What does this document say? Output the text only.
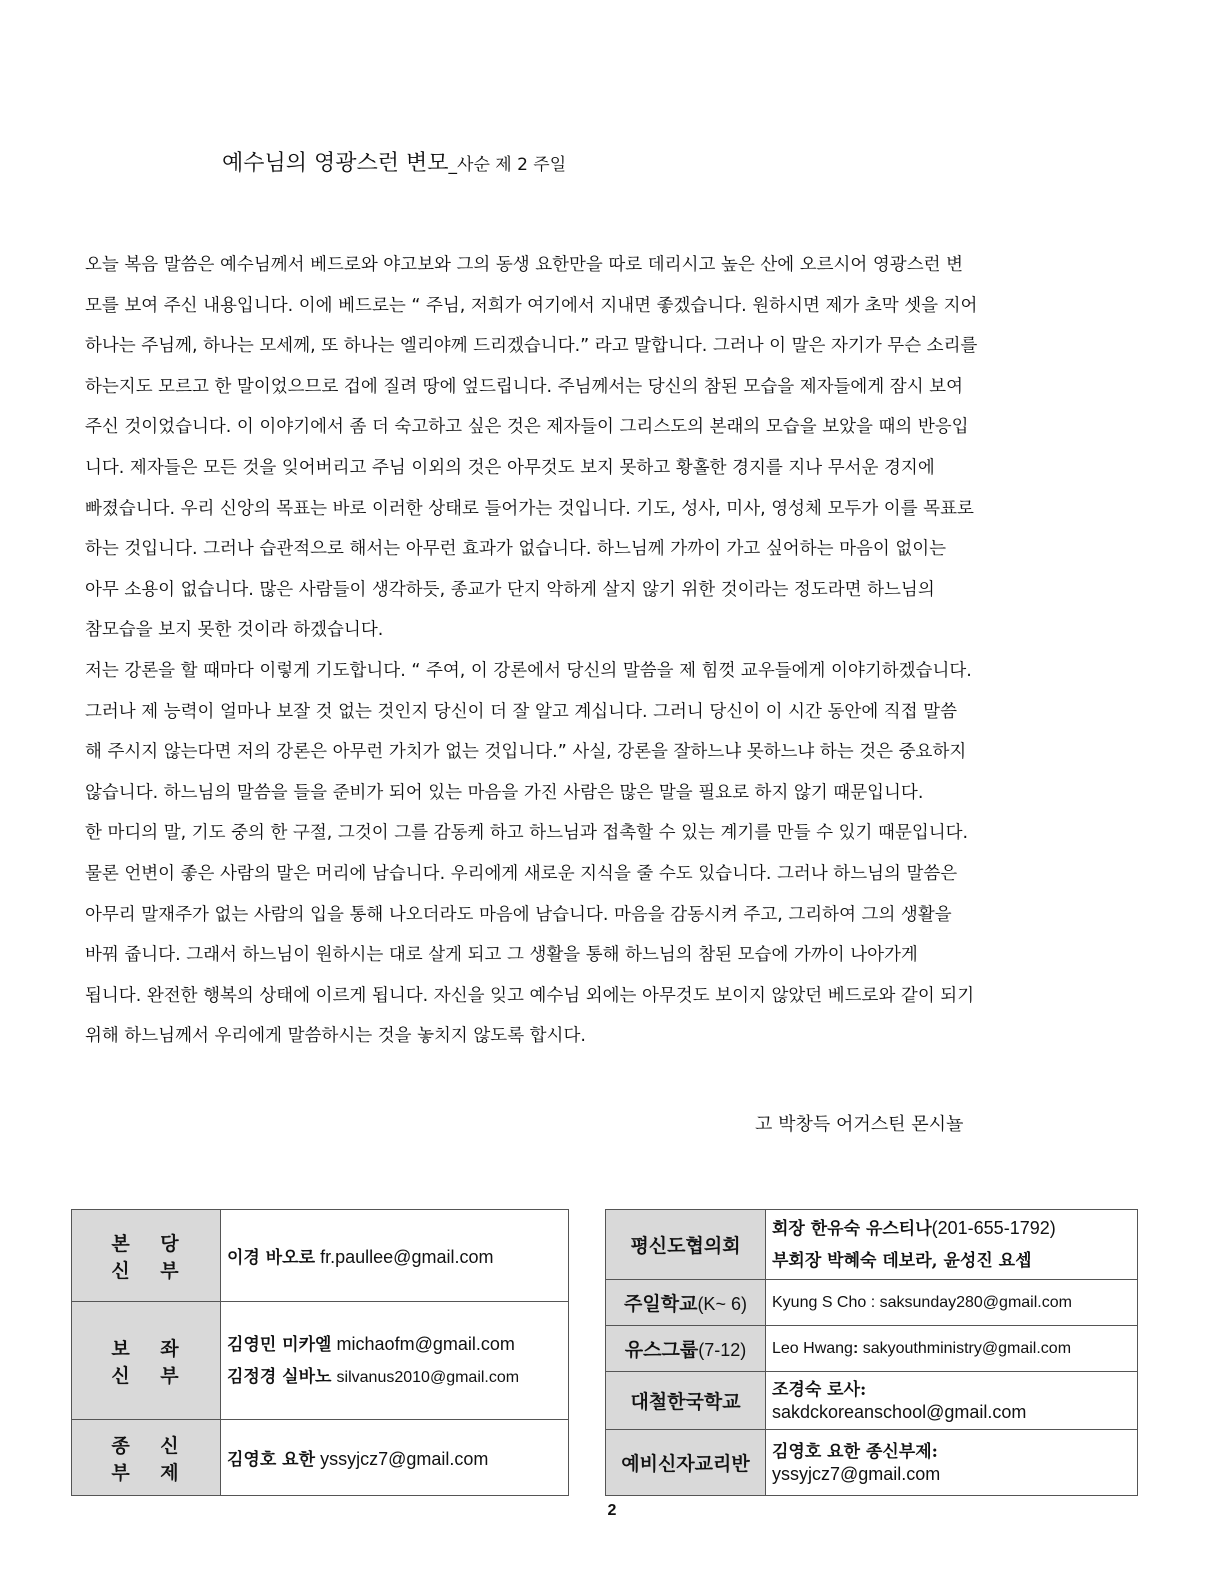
예수님의 영광스런 변모_사순 제 2 주일
오늘 복음 말씀은 예수님께서 베드로와 야고보와 그의 동생 요한만을 따로 데리시고 높은 산에 오르시어 영광스런 변
모를 보여 주신 내용입니다. 이에 베드로는 “ 주님, 저희가 여기에서 지내면 좋겠습니다. 원하시면 제가 초막 셋을 지어
하나는 주님께, 하나는 모세께, 또 하나는 엘리야께 드리겠습니다.” 라고 말합니다. 그러나 이 말은 자기가 무슨 소리를
하는지도 모르고 한 말이었으므로 겁에 질려 땅에 엎드립니다. 주님께서는 당신의 참된 모습을 제자들에게 잠시 보여
주신 것이었습니다. 이 이야기에서 좀 더 숙고하고 싶은 것은 제자들이 그리스도의 본래의 모습을 보았을 때의 반응입
니다. 제자들은 모든 것을 잊어버리고 주님 이외의 것은 아무것도 보지 못하고 황홀한 경지를 지나 무서운 경지에
빠졌습니다. 우리 신앙의 목표는 바로 이러한 상태로 들어가는 것입니다. 기도, 성사, 미사, 영성체 모두가 이를 목표로
하는 것입니다. 그러나 습관적으로 해서는 아무런 효과가 없습니다. 하느님께 가까이 가고 싶어하는 마음이 없이는
아무 소용이 없습니다. 많은 사람들이 생각하듯, 종교가 단지 악하게 살지 않기 위한 것이라는 정도라면 하느님의
참모습을 보지 못한 것이라 하겠습니다.
저는 강론을 할 때마다 이렇게 기도합니다. “ 주여, 이 강론에서 당신의 말씀을 제 힘껏 교우들에게 이야기하겠습니다.
그러나 제 능력이 얼마나 보잘 것 없는 것인지 당신이 더 잘 알고 계십니다. 그러니 당신이 이 시간 동안에 직접 말씀
해 주시지 않는다면 저의 강론은 아무런 가치가 없는 것입니다.” 사실, 강론을 잘하느냐 못하느냐 하는 것은 중요하지
않습니다. 하느님의 말씀을 들을 준비가 되어 있는 마음을 가진 사람은 많은 말을 필요로 하지 않기 때문입니다.
한 마디의 말, 기도 중의 한 구절, 그것이 그를 감동케 하고 하느님과 접촉할 수 있는 계기를 만들 수 있기 때문입니다.
물론 언변이 좋은 사람의 말은 머리에 남습니다. 우리에게 새로운 지식을 줄 수도 있습니다. 그러나 하느님의 말씀은
아무리 말재주가 없는 사람의 입을 통해 나오더라도 마음에 남습니다. 마음을 감동시켜 주고, 그리하여 그의 생활을
바꿔 줍니다. 그래서 하느님이 원하시는 대로 살게 되고 그 생활을 통해 하느님의 참된 모습에 가까이 나아가게
됩니다. 완전한 행복의 상태에 이르게 됩니다. 자신을 잊고 예수님 외에는 아무것도 보이지 않았던 베드로와 같이 되기
위해 하느님께서 우리에게 말씀하시는 것을 놓치지 않도록 합시다.
고 박창득 어거스틴 몬시뇰
본 당 신 부	이경 바오로 fr.paullee@gmail.com
보 좌 신 부	김영민 미카엘 michaofm@gmail.com
김정경 실바노 silvanus2010@gmail.com

종 신 부 제	김영호 요한 yssyjcz7@gmail.com
평신도협의회	회장 한유숙 유스티나(201-655-1792)
부회장 박혜숙 데보라, 윤성진 요셉

주일학교(K~ 6)	Kyung S Cho : saksunday280@gmail.com
유스그룹(7-12)	Leo Hwang: sakyouthministry@gmail.com
대철한국학교	조경숙 로사:
sakdckoreanschool@gmail.com

예비신자교리반	김영호 요한 종신부제:
yssyjcz7@gmail.com
2
